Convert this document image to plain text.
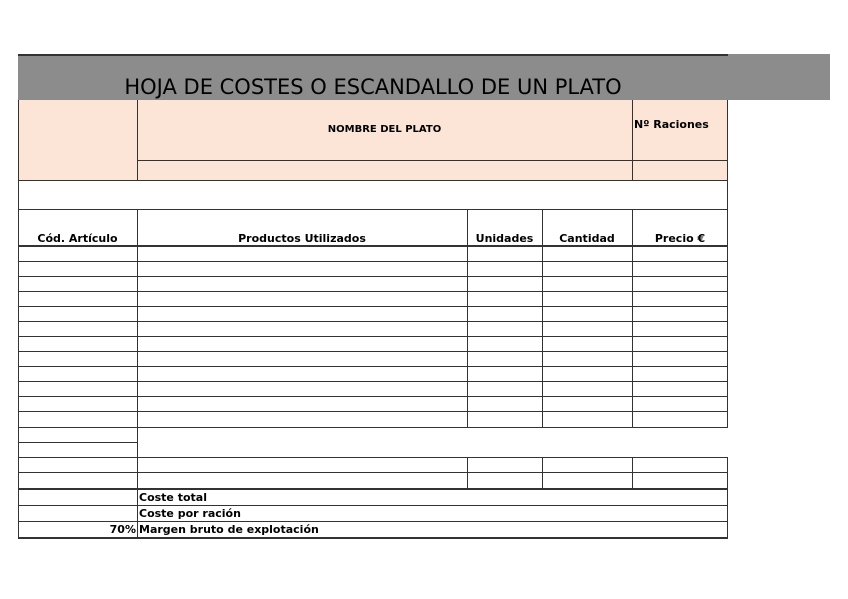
HOJA DE COSTES O ESCANDALLO DE UN PLATO
NOMBRE DEL PLATO	Nº Raciones
Cód. Artículo	Productos Utilizados	Unidades	Cantidad	Precio €
Coste total
Coste por ración
70% Margen bruto de explotación
